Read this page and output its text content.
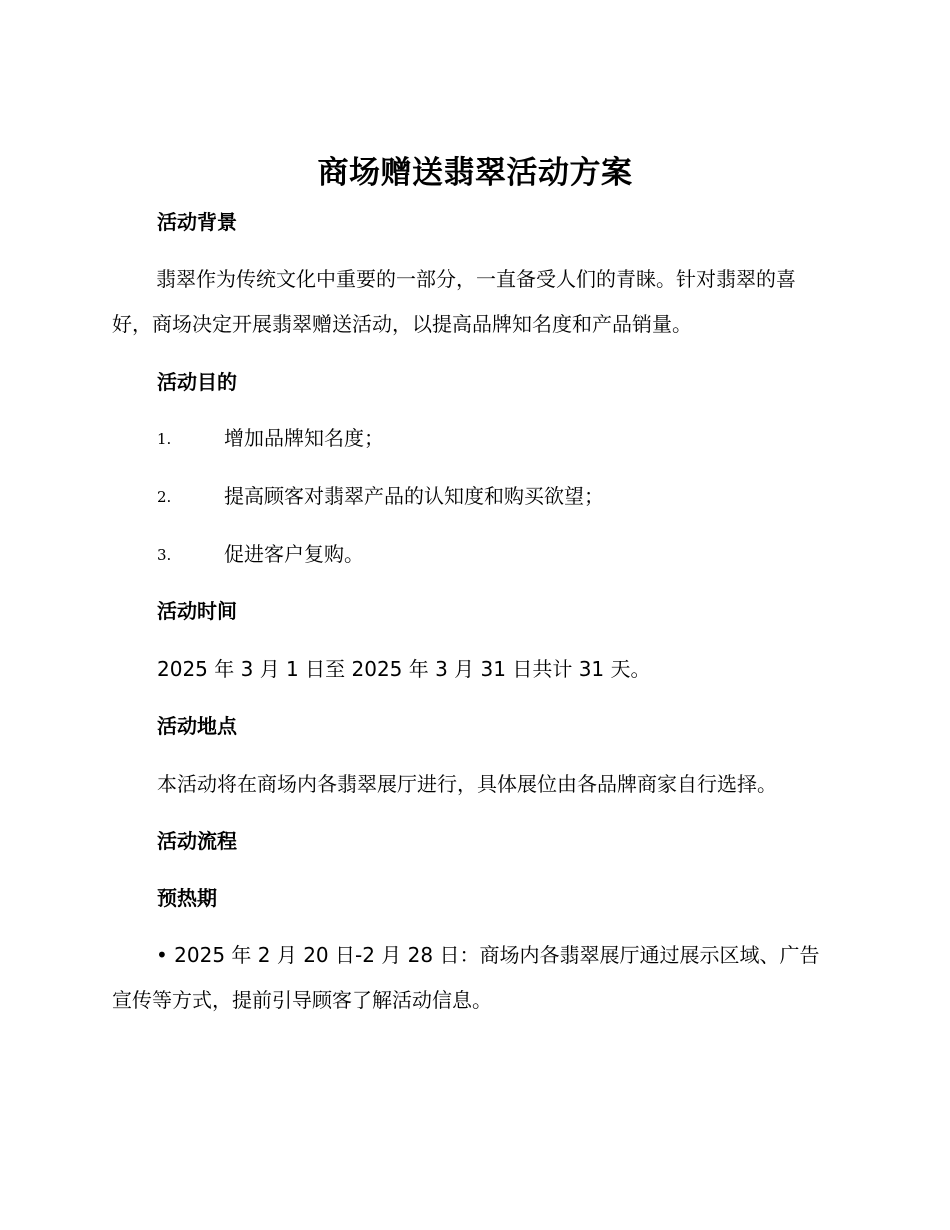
商场赠送翡翠活动方案
活动背景
翡翠作为传统文化中重要的一部分，一直备受人们的青睐。针对翡翠的喜好，商场决定开展翡翠赠送活动，以提高品牌知名度和产品销量。
活动目的
1.	增加品牌知名度；
2.	提高顾客对翡翠产品的认知度和购买欲望；
3.	促进客户复购。
活动时间
2025 年 3 月 1 日至 2025 年 3 月 31 日共计 31 天。
活动地点
本活动将在商场内各翡翠展厅进行，具体展位由各品牌商家自行选择。
活动流程
预热期
• 2025 年 2 月 20 日-2 月 28 日：商场内各翡翠展厅通过展示区域、广告宣传等方式，提前引导顾客了解活动信息。
